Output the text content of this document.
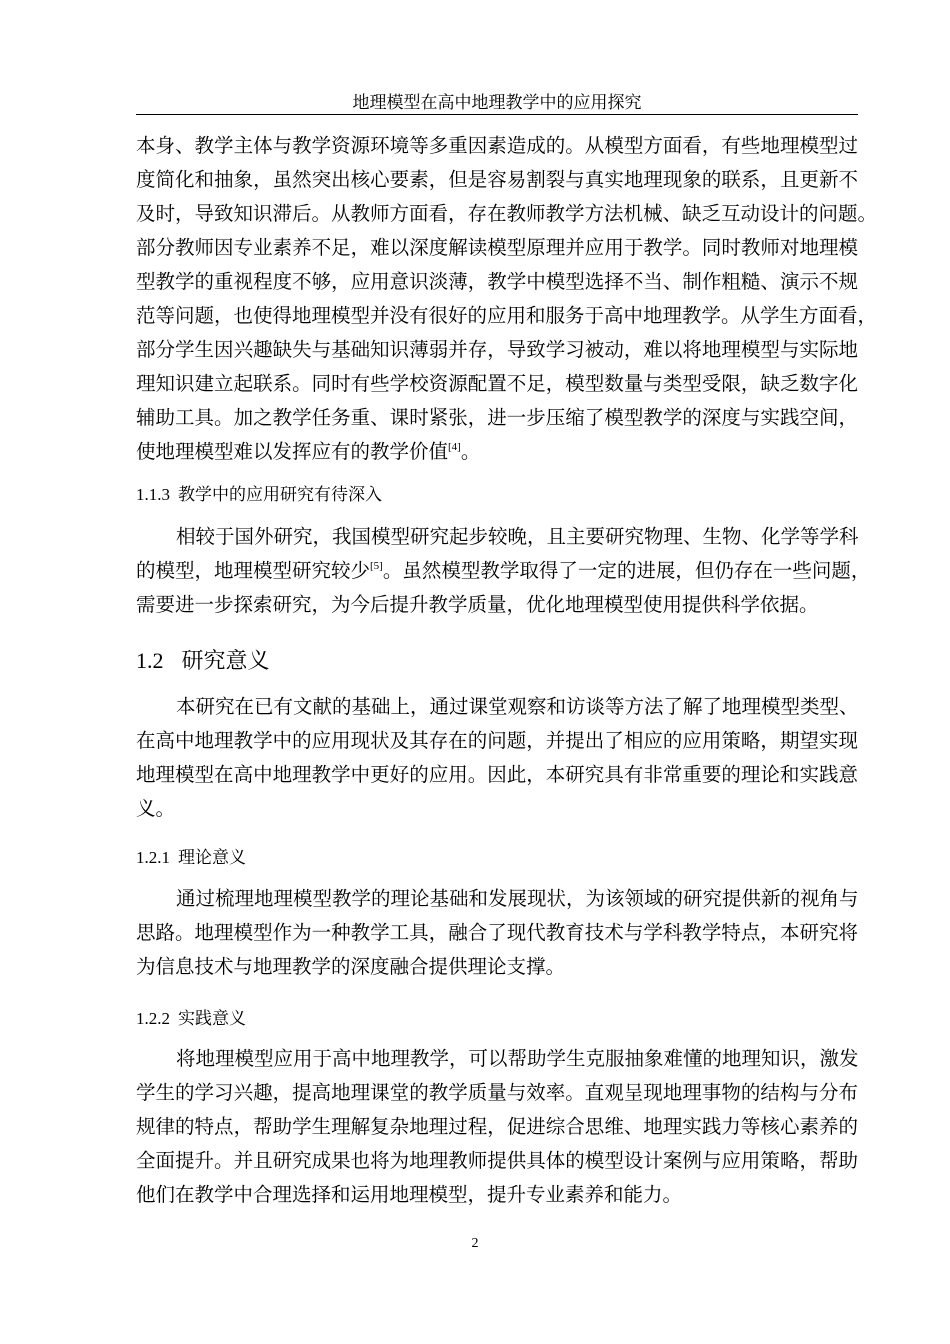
地理模型在高中地理教学中的应用探究
本身、教学主体与教学资源环境等多重因素造成的。从模型方面看，有些地理模型过
度简化和抽象，虽然突出核心要素，但是容易割裂与真实地理现象的联系，且更新不
及时，导致知识滞后。从教师方面看，存在教师教学方法机械、缺乏互动设计的问题。
部分教师因专业素养不足，难以深度解读模型原理并应用于教学。同时教师对地理模
型教学的重视程度不够，应用意识淡薄，教学中模型选择不当、制作粗糙、演示不规
范等问题，也使得地理模型并没有很好的应用和服务于高中地理教学。从学生方面看，
部分学生因兴趣缺失与基础知识薄弱并存，导致学习被动，难以将地理模型与实际地
理知识建立起联系。同时有些学校资源配置不足，模型数量与类型受限，缺乏数字化
辅助工具。加之教学任务重、课时紧张，进一步压缩了模型教学的深度与实践空间，
使地理模型难以发挥应有的教学价值[4]。
1.1.3 教学中的应用研究有待深入
相较于国外研究，我国模型研究起步较晚，且主要研究物理、生物、化学等学科
的模型，地理模型研究较少[5]。虽然模型教学取得了一定的进展，但仍存在一些问题，
需要进一步探索研究，为今后提升教学质量，优化地理模型使用提供科学依据。
1.2 研究意义
本研究在已有文献的基础上，通过课堂观察和访谈等方法了解了地理模型类型、
在高中地理教学中的应用现状及其存在的问题，并提出了相应的应用策略，期望实现
地理模型在高中地理教学中更好的应用。因此，本研究具有非常重要的理论和实践意
义。
1.2.1 理论意义
通过梳理地理模型教学的理论基础和发展现状，为该领域的研究提供新的视角与
思路。地理模型作为一种教学工具，融合了现代教育技术与学科教学特点，本研究将
为信息技术与地理教学的深度融合提供理论支撑。
1.2.2 实践意义
将地理模型应用于高中地理教学，可以帮助学生克服抽象难懂的地理知识，激发
学生的学习兴趣，提高地理课堂的教学质量与效率。直观呈现地理事物的结构与分布
规律的特点，帮助学生理解复杂地理过程，促进综合思维、地理实践力等核心素养的
全面提升。并且研究成果也将为地理教师提供具体的模型设计案例与应用策略，帮助
他们在教学中合理选择和运用地理模型，提升专业素养和能力。
2
